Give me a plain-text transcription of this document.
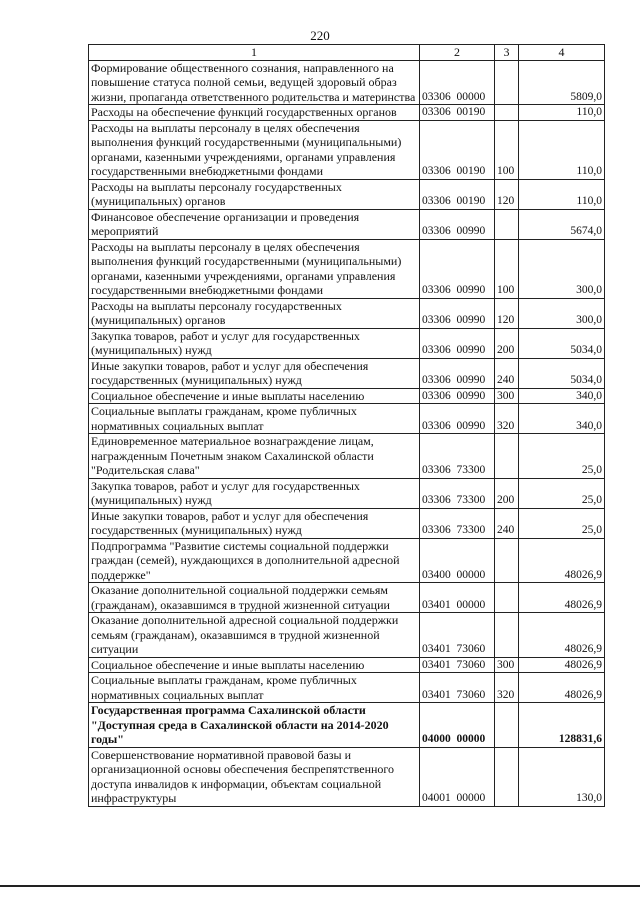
220
1	2	3	4
Формирование общественного сознания, направленного на повышение статуса полной семьи, ведущей здоровый образ жизни, пропаганда ответственного родительства и материнства	03306  00000		5809,0
Расходы на обеспечение функций государственных органов	03306  00190		110,0
Расходы на выплаты персоналу в целях обеспечения выполнения функций государственными (муниципальными) органами, казенными учреждениями, органами управления государственными внебюджетными фондами	03306  00190	100	110,0
Расходы на выплаты персоналу государственных (муниципальных) органов	03306  00190	120	110,0
Финансовое обеспечение организации и проведения мероприятий	03306  00990		5674,0
Расходы на выплаты персоналу в целях обеспечения выполнения функций государственными (муниципальными) органами, казенными учреждениями, органами управления государственными внебюджетными фондами	03306  00990	100	300,0
Расходы на выплаты персоналу государственных (муниципальных) органов	03306  00990	120	300,0
Закупка товаров, работ и услуг для государственных (муниципальных) нужд	03306  00990	200	5034,0
Иные закупки товаров, работ и услуг для обеспечения государственных (муниципальных) нужд	03306  00990	240	5034,0
Социальное обеспечение и иные выплаты населению	03306  00990	300	340,0
Социальные выплаты гражданам, кроме публичных нормативных социальных выплат	03306  00990	320	340,0
Единовременное материальное вознаграждение лицам, награжденным Почетным знаком Сахалинской области "Родительская слава"	03306  73300		25,0
Закупка товаров, работ и услуг для государственных (муниципальных) нужд	03306  73300	200	25,0
Иные закупки товаров, работ и услуг для обеспечения государственных (муниципальных) нужд	03306  73300	240	25,0
Подпрограмма "Развитие системы социальной поддержки граждан (семей), нуждающихся в дополнительной адресной поддержке"	03400  00000		48026,9
Оказание дополнительной социальной поддержки семьям (гражданам), оказавшимся в трудной жизненной ситуации	03401  00000		48026,9
Оказание дополнительной адресной социальной поддержки семьям (гражданам), оказавшимся в трудной жизненной ситуации	03401  73060		48026,9
Социальное обеспечение и иные выплаты населению	03401  73060	300	48026,9
Социальные выплаты гражданам, кроме публичных нормативных социальных выплат	03401  73060	320	48026,9
Государственная программа Сахалинской области "Доступная среда в Сахалинской области на 2014-2020 годы"	04000  00000		128831,6
Совершенствование нормативной правовой базы и организационной основы обеспечения беспрепятственного доступа инвалидов к информации, объектам социальной инфраструктуры	04001  00000		130,0
